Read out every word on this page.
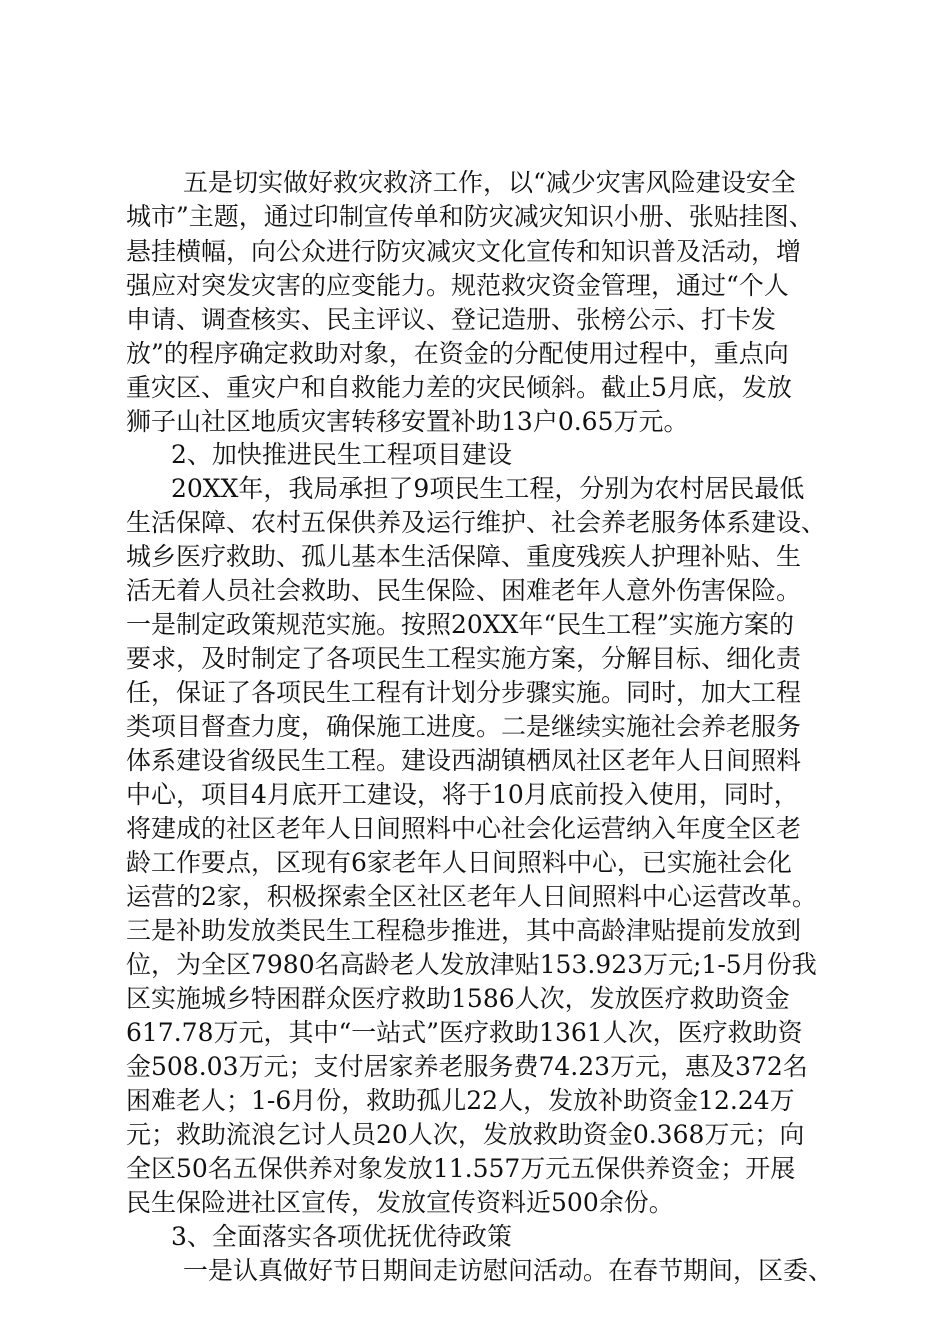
五是切实做好救灾救济工作，以“减少灾害风险建设安全
城市”主题，通过印制宣传单和防灾减灾知识小册、张贴挂图、
悬挂横幅，向公众进行防灾减灾文化宣传和知识普及活动，增
强应对突发灾害的应变能力。规范救灾资金管理，通过“个人
申请、调查核实、民主评议、登记造册、张榜公示、打卡发
放”的程序确定救助对象，在资金的分配使用过程中，重点向
重灾区、重灾户和自救能力差的灾民倾斜。截止5月底，发放
狮子山社区地质灾害转移安置补助13户0.65万元。
2、加快推进民生工程项目建设
20XX年，我局承担了9项民生工程，分别为农村居民最低
生活保障、农村五保供养及运行维护、社会养老服务体系建设、
城乡医疗救助、孤儿基本生活保障、重度残疾人护理补贴、生
活无着人员社会救助、民生保险、困难老年人意外伤害保险。
一是制定政策规范实施。按照20XX年“民生工程”实施方案的
要求，及时制定了各项民生工程实施方案，分解目标、细化责
任，保证了各项民生工程有计划分步骤实施。同时，加大工程
类项目督查力度，确保施工进度。二是继续实施社会养老服务
体系建设省级民生工程。建设西湖镇栖凤社区老年人日间照料
中心，项目4月底开工建设，将于10月底前投入使用，同时，
将建成的社区老年人日间照料中心社会化运营纳入年度全区老
龄工作要点，区现有6家老年人日间照料中心，已实施社会化
运营的2家，积极探索全区社区老年人日间照料中心运营改革。
三是补助发放类民生工程稳步推进，其中高龄津贴提前发放到
位，为全区7980名高龄老人发放津贴153.923万元;1-5月份我
区实施城乡特困群众医疗救助1586人次，发放医疗救助资金
617.78万元，其中“一站式”医疗救助1361人次，医疗救助资
金508.03万元；支付居家养老服务费74.23万元，惠及372名
困难老人；1-6月份，救助孤儿22人，发放补助资金12.24万
元；救助流浪乞讨人员20人次，发放救助资金0.368万元；向
全区50名五保供养对象发放11.557万元五保供养资金；开展
民生保险进社区宣传，发放宣传资料近500余份。
3、全面落实各项优抚优待政策
一是认真做好节日期间走访慰问活动。在春节期间，区委、
